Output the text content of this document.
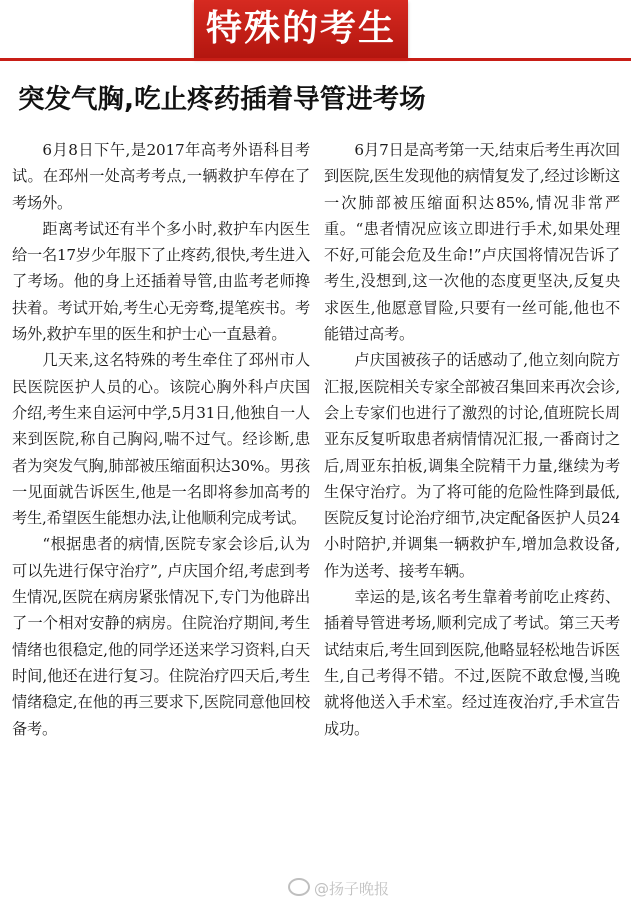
特殊的考生
突发气胸,吃止疼药插着导管进考场

6月8日下午,是2017年高考外语科目考试。在邳州一处高考考点,一辆救护车停在了考场外。

距离考试还有半个多小时,救护车内医生给一名17岁少年服下了止疼药,很快,考生进入了考场。他的身上还插着导管,由监考老师搀扶着。考试开始,考生心无旁骛,提笔疾书。考场外,救护车里的医生和护士心一直悬着。

几天来,这名特殊的考生牵住了邳州市人民医院医护人员的心。该院心胸外科卢庆国介绍,考生来自运河中学,5月31日,他独自一人来到医院,称自己胸闷,喘不过气。经诊断,患者为突发气胸,肺部被压缩面积达30%。男孩一见面就告诉医生,他是一名即将参加高考的考生,希望医生能想办法,让他顺利完成考试。

“根据患者的病情,医院专家会诊后,认为可以先进行保守治疗”, 卢庆国介绍,考虑到考生情况,医院在病房紧张情况下,专门为他辟出了一个相对安静的病房。住院治疗期间,考生情绪也很稳定,他的同学还送来学习资料,白天时间,他还在进行复习。住院治疗四天后,考生情绪稳定,在他的再三要求下,医院同意他回校备考。

6月7日是高考第一天,结束后考生再次回到医院,医生发现他的病情复发了,经过诊断这一次肺部被压缩面积达85%,情况非常严重。“患者情况应该立即进行手术,如果处理不好,可能会危及生命!”卢庆国将情况告诉了考生,没想到,这一次他的态度更坚决,反复央求医生,他愿意冒险,只要有一丝可能,他也不能错过高考。

卢庆国被孩子的话感动了,他立刻向院方汇报,医院相关专家全部被召集回来再次会诊,会上专家们也进行了激烈的讨论,值班院长周亚东反复听取患者病情情况汇报,一番商讨之后,周亚东拍板,调集全院精干力量,继续为考生保守治疗。为了将可能的危险性降到最低,医院反复讨论治疗细节,决定配备医护人员24小时陪护,并调集一辆救护车,增加急救设备,作为送考、接考车辆。

幸运的是,该名考生靠着考前吃止疼药、插着导管进考场,顺利完成了考试。第三天考试结束后,考生回到医院,他略显轻松地告诉医生,自己考得不错。不过,医院不敢怠慢,当晚就将他送入手术室。经过连夜治疗,手术宣告成功。

@扬子晚报
